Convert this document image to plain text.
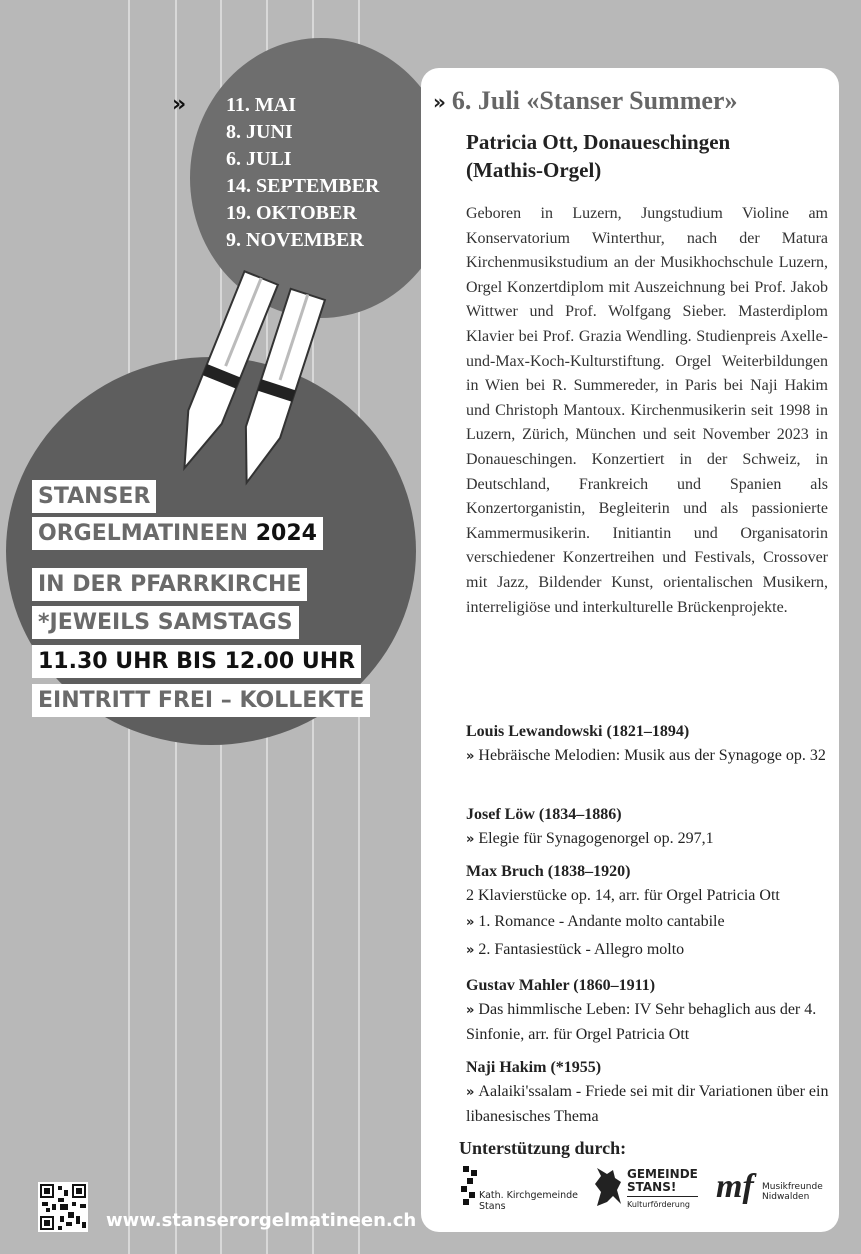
» 11. MAI
8. JUNI
6. JULI
14. SEPTEMBER
19. OKTOBER
9. NOVEMBER
STANSER
ORGELMATINEEN 2024
IN DER PFARRKIRCHE
*JEWEILS SAMSTAGS
11.30 UHR BIS 12.00 UHR
EINTRITT FREI – KOLLEKTE
www.stanserorgelmatineen.ch
» 6. Juli «Stanser Summer»
Patricia Ott, Donaueschingen
(Mathis-Orgel)
Geboren in Luzern, Jungstudium Violine am Konservatorium Winterthur, nach der Matura Kirchenmusikstudium an der Musikhochschule Luzern, Orgel Konzertdiplom mit Auszeichnung bei Prof. Jakob Wittwer und Prof. Wolfgang Sieber. Masterdiplom Klavier bei Prof. Grazia Wendling. Studienpreis Axelle-und-Max-Koch-Kulturstiftung. Orgel Weiterbildungen in Wien bei R. Summereder, in Paris bei Naji Hakim und Christoph Mantoux. Kirchenmusikerin seit 1998 in Luzern, Zürich, München und seit November 2023 in Donaueschingen. Konzertiert in der Schweiz, in Deutschland, Frankreich und Spanien als Konzertorganistin, Begleiterin und als passionierte Kammermusikerin. Initiantin und Organisatorin verschiedener Konzertreihen und Festivals, Crossover mit Jazz, Bildender Kunst, orientalischen Musikern, interreligiöse und interkulturelle Brückenprojekte.
Louis Lewandowski (1821–1894)
» Hebräische Melodien: Musik aus der Synagoge op. 32
Josef Löw (1834–1886)
» Elegie für Synagogenorgel op. 297,1
Max Bruch (1838–1920)
2 Klavierstücke op. 14, arr. für Orgel Patricia Ott
» 1. Romance - Andante molto cantabile
» 2. Fantasiestück - Allegro molto
Gustav Mahler (1860–1911)
» Das himmlische Leben: IV Sehr behaglich aus der 4. Sinfonie, arr. für Orgel Patricia Ott
Naji Hakim (*1955)
» Aalaiki'ssalam - Friede sei mit dir Variationen über ein libanesisches Thema
Unterstützung durch:
Kath. Kirchgemeinde
Stans
GEMEINDE
STANS!
Kulturförderung mf Musikfreunde
Nidwalden
